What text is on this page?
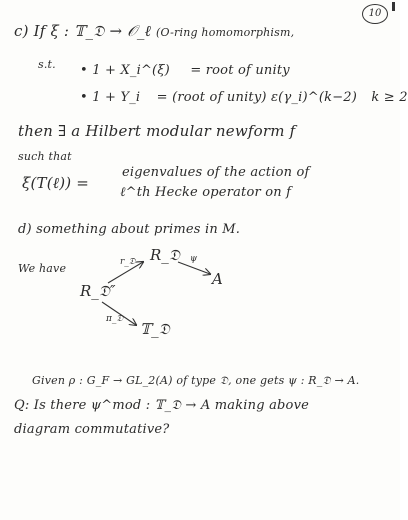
10
c) If ξ : 𝕋_𝔇 → 𝒪_ℓ (O-ring homomorphism,
s.t. • 1 + X_i^(ξ) = root of unity
• 1 + Y_i = (root of unity) ε(γ_i)^(k−2) k ≥ 2
then ∃ a Hilbert modular newform f
such that
ξ(T(ℓ)) =
eigenvalues of the action of
ℓ^th Hecke operator on f
d) something about primes in M.
We have
R_𝔇
A
R_𝔇″
𝕋_𝔇
r_𝔇	ψ
π_𝔇
Given ρ : G_F → GL_2(A) of type 𝔇, one gets ψ : R_𝔇 → A.
Q: Is there ψ^mod : 𝕋_𝔇 → A making above
diagram commutative?
